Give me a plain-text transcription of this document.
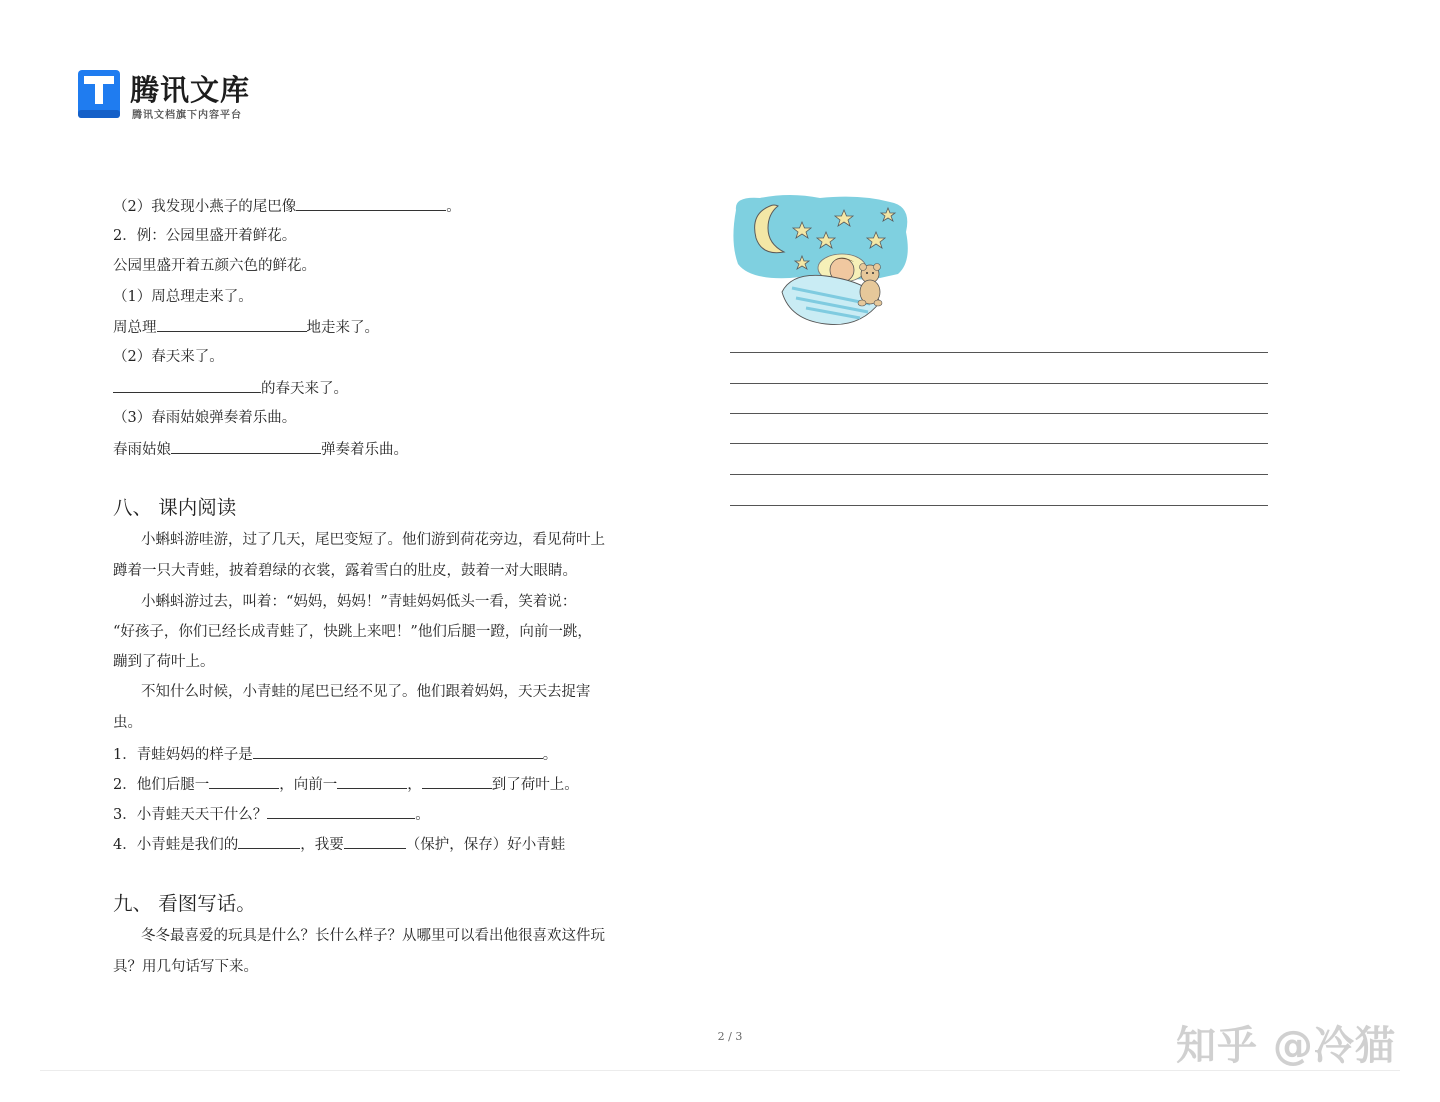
腾讯文库
腾讯文档旗下内容平台
（2）我发现小燕子的尾巴像	。
2．例：公园里盛开着鲜花。
公园里盛开着五颜六色的鲜花。
（1）周总理走来了。
周总理	地走来了。
（2）春天来了。
的春天来了。
（3）春雨姑娘弹奏着乐曲。
春雨姑娘	弹奏着乐曲。
八、 课内阅读
小蝌蚪游哇游，过了几天，尾巴变短了。他们游到荷花旁边，看见荷叶上
蹲着一只大青蛙，披着碧绿的衣裳，露着雪白的肚皮，鼓着一对大眼睛。
小蝌蚪游过去，叫着：“妈妈，妈妈！”青蛙妈妈低头一看，笑着说：
“好孩子，你们已经长成青蛙了，快跳上来吧！”他们后腿一蹬，向前一跳，
蹦到了荷叶上。
不知什么时候，小青蛙的尾巴已经不见了。他们跟着妈妈，天天去捉害
虫。
1．青蛙妈妈的样子是	。
2．他们后腿一	，向前一	，	到了荷叶上。
3．小青蛙天天干什么？	。
4．小青蛙是我们的	，我要	（保护，保存）好小青蛙
九、 看图写话。
冬冬最喜爱的玩具是什么？长什么样子？从哪里可以看出他很喜欢这件玩
具？用几句话写下来。
2 / 3	知乎 @冷猫
